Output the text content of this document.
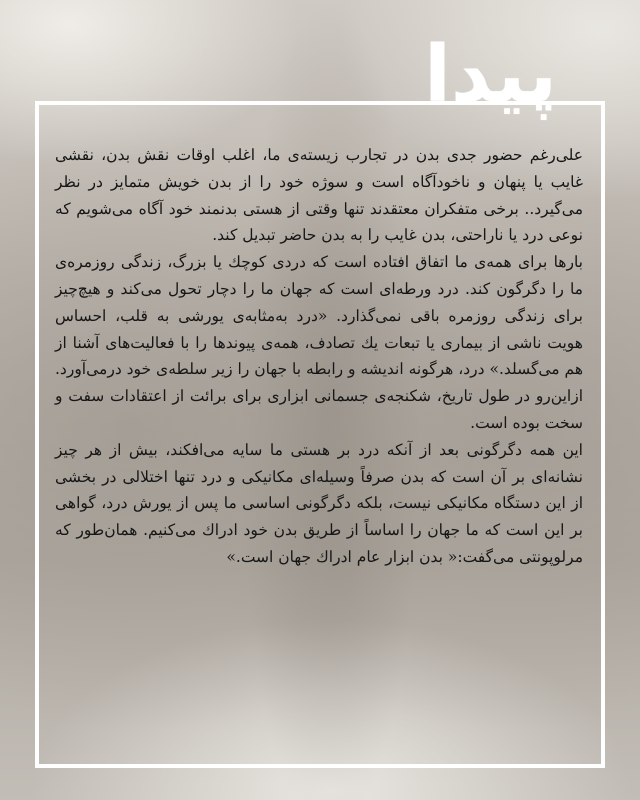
پیدا

علی‌رغم حضور جدی بدن در تجارب زیسته‌ی ما، اغلب اوقات نقش بدن، نقشی غایب یا پنهان و ناخودآگاه است و سوژه خود را از بدن خویش متمایز در نظر می‌گیرد.. برخی متفکران معتقدند تنها وقتی از هستی بدنمند خود آگاه می‌شویم که نوعی درد یا ناراحتی، بدن غایب را به بدن حاضر تبدیل کند.

بارها برای همه‌ی ما اتفاق افتاده است که دردی کوچك یا بزرگ، زندگی روزمره‌ی ما را دگرگون کند. درد ورطه‌ای است که جهان ما را دچار تحول می‌کند و هیچ‌چیز برای زندگی روزمره باقی نمی‌گذارد. «درد به‌مثابه‌ی یورشی به قلب، احساس هویت ناشی از بیماری یا تبعات یك تصادف، همه‌ی پیوندها را با فعالیت‌های آشنا از هم می‌گسلد.» درد، هرگونه اندیشه و رابطه با جهان را زیر سلطه‌ی خود درمی‌آورد. ازاین‌رو در طول تاریخ، شکنجه‌ی جسمانی ابزاری برای برائت از اعتقادات سفت و سخت بوده است.

این همه دگرگونی بعد از آنکه درد بر هستی ما سایه می‌افکند، بیش از هر چیز نشانه‌ای بر آن است که بدن صرفاً وسیله‌ای مکانیکی و درد تنها اختلالی در بخشی از این دستگاه مکانیکی نیست، بلکه دگرگونی اساسی ما پس از یورش درد، گواهی بر این است که ما جهان را اساساً از طریق بدن خود ادراك می‌کنیم. همان‌طور که مرلوپونتی می‌گفت:« بدن ابزار عام ادراك جهان است.»
